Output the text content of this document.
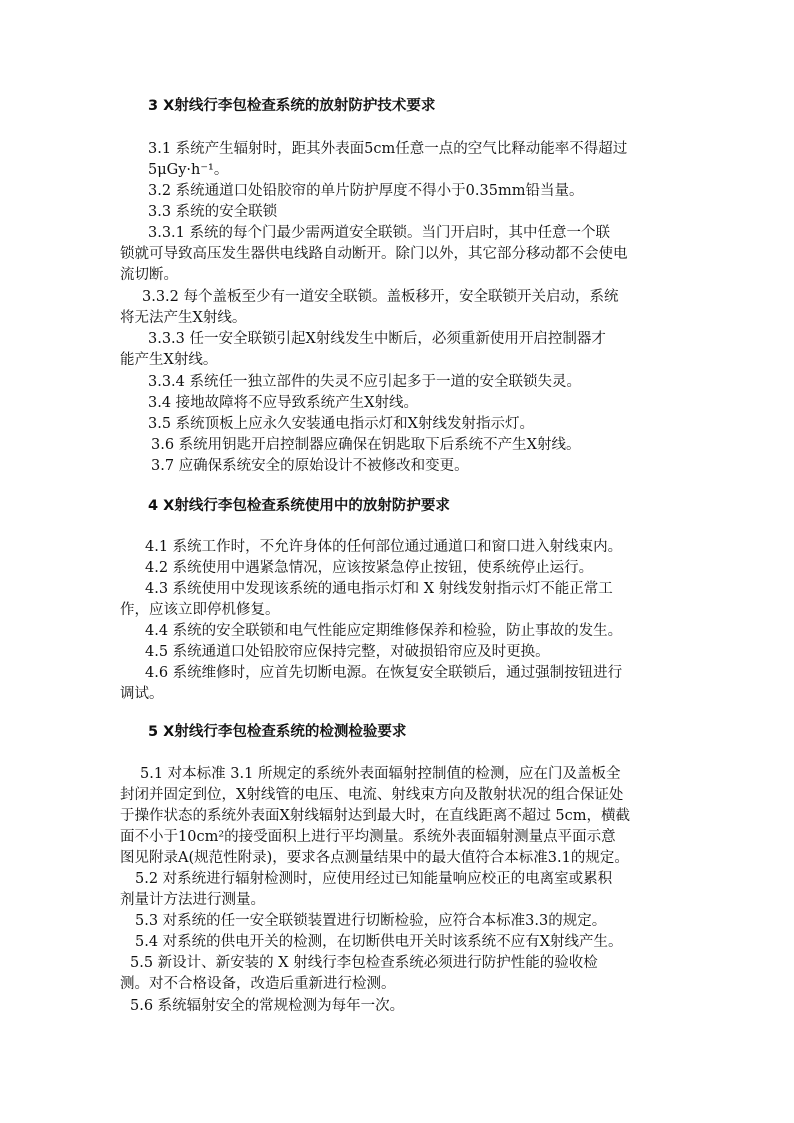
3 X射线行李包检查系统的放射防护技术要求
3.1 系统产生辐射时，距其外表面5cm任意一点的空气比释动能率不得超过
5μGy·h⁻¹。
3.2 系统通道口处铅胶帘的单片防护厚度不得小于0.35mm铅当量。
3.3 系统的安全联锁
3.3.1 系统的每个门最少需两道安全联锁。当门开启时，其中任意一个联
锁就可导致高压发生器供电线路自动断开。除门以外，其它部分移动都不会使电
流切断。
3.3.2 每个盖板至少有一道安全联锁。盖板移开，安全联锁开关启动，系统
将无法产生X射线。
3.3.3 任一安全联锁引起X射线发生中断后，必须重新使用开启控制器才
能产生X射线。
3.3.4 系统任一独立部件的失灵不应引起多于一道的安全联锁失灵。
3.4 接地故障将不应导致系统产生X射线。
3.5 系统顶板上应永久安装通电指示灯和X射线发射指示灯。
3.6 系统用钥匙开启控制器应确保在钥匙取下后系统不产生X射线。
3.7 应确保系统安全的原始设计不被修改和变更。
4 X射线行李包检查系统使用中的放射防护要求
4.1 系统工作时，不允许身体的任何部位通过通道口和窗口进入射线束内。
4.2 系统使用中遇紧急情况，应该按紧急停止按钮，使系统停止运行。
4.3 系统使用中发现该系统的通电指示灯和 X 射线发射指示灯不能正常工
作，应该立即停机修复。
4.4 系统的安全联锁和电气性能应定期维修保养和检验，防止事故的发生。
4.5 系统通道口处铅胶帘应保持完整，对破损铅帘应及时更换。
4.6 系统维修时，应首先切断电源。在恢复安全联锁后，通过强制按钮进行
调试。
5 X射线行李包检查系统的检测检验要求
5.1 对本标准 3.1 所规定的系统外表面辐射控制值的检测，应在门及盖板全
封闭并固定到位，X射线管的电压、电流、射线束方向及散射状况的组合保证处
于操作状态的系统外表面X射线辐射达到最大时，在直线距离不超过 5cm，横截
面不小于10cm²的接受面积上进行平均测量。系统外表面辐射测量点平面示意
图见附录A(规范性附录)，要求各点测量结果中的最大值符合本标准3.1的规定。
5.2 对系统进行辐射检测时，应使用经过已知能量响应校正的电离室或累积
剂量计方法进行测量。
5.3 对系统的任一安全联锁装置进行切断检验，应符合本标准3.3的规定。
5.4 对系统的供电开关的检测，在切断供电开关时该系统不应有X射线产生。
5.5 新设计、新安装的 X 射线行李包检查系统必须进行防护性能的验收检
测。对不合格设备，改造后重新进行检测。
5.6 系统辐射安全的常规检测为每年一次。
